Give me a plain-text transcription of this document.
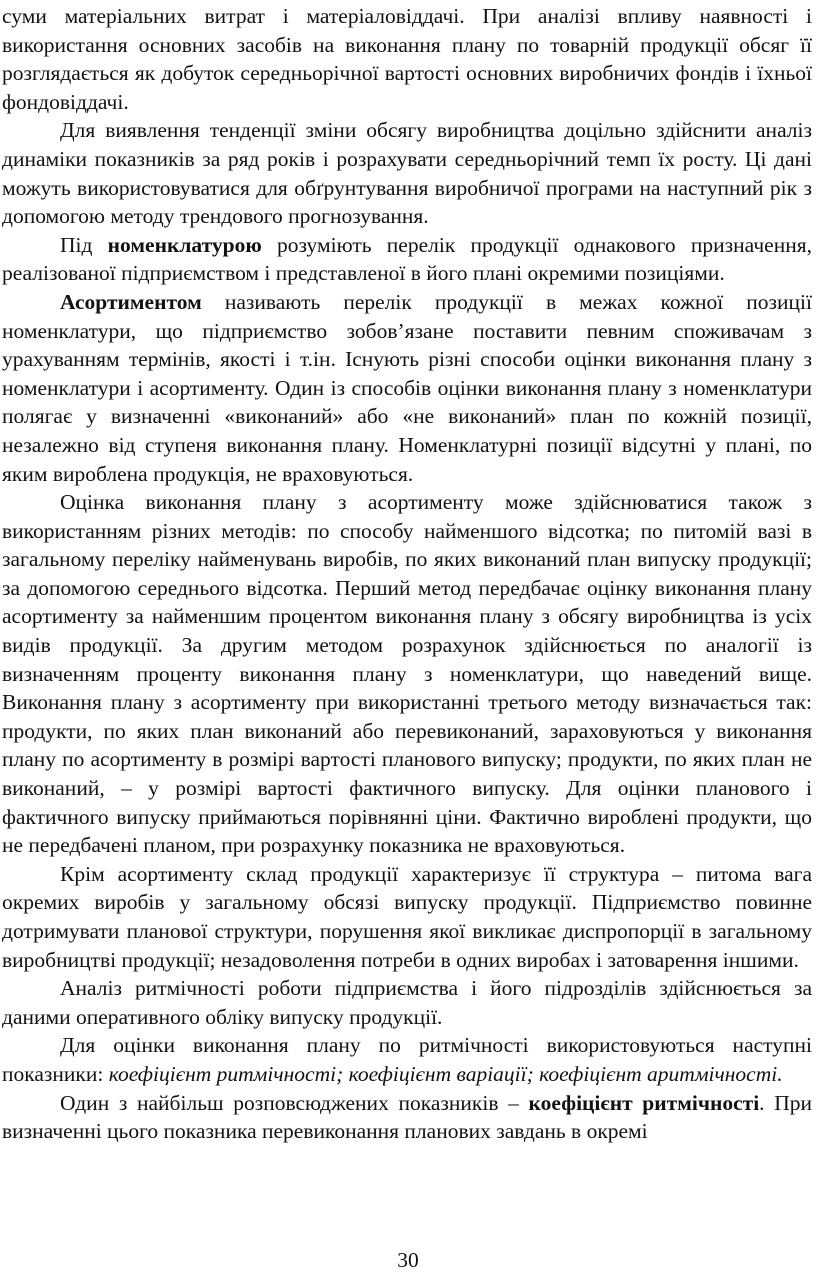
суми матеріальних витрат і матеріаловіддачі. При аналізі впливу наявності і використання основних засобів на виконання плану по товарній продукції обсяг її розглядається як добуток середньорічної вартості основних виробничих фондів і їхньої фондовіддачі.

Для виявлення тенденції зміни обсягу виробництва доцільно здійснити аналіз динаміки показників за ряд років і розрахувати середньорічний темп їх росту. Ці дані можуть використовуватися для обґрунтування виробничої програми на наступний рік з допомогою методу трендового прогнозування.

Під номенклатурою розуміють перелік продукції однакового призначення, реалізованої підприємством і представленої в його плані окремими позиціями.

Асортиментом називають перелік продукції в межах кожної позиції номенклатури, що підприємство зобов’язане поставити певним споживачам з урахуванням термінів, якості і т.ін. Існують різні способи оцінки виконання плану з номенклатури і асортименту. Один із способів оцінки виконання плану з номенклатури полягає у визначенні «виконаний» або «не виконаний» план по кожній позиції, незалежно від ступеня виконання плану. Номенклатурні позиції відсутні у плані, по яким вироблена продукція, не враховуються.

Оцінка виконання плану з асортименту може здійснюватися також з використанням різних методів: по способу найменшого відсотка; по питомій вазі в загальному переліку найменувань виробів, по яких виконаний план випуску продукції; за допомогою середнього відсотка. Перший метод передбачає оцінку виконання плану асортименту за найменшим процентом виконання плану з обсягу виробництва із усіх видів продукції. За другим методом розрахунок здійснюється по аналогії із визначенням проценту виконання плану з номенклатури, що наведений вище. Виконання плану з асортименту при використанні третього методу визначається так: продукти, по яких план виконаний або перевиконаний, зараховуються у виконання плану по асортименту в розмірі вартості планового випуску; продукти, по яких план не виконаний, – у розмірі вартості фактичного випуску. Для оцінки планового і фактичного випуску приймаються порівнянні ціни. Фактично вироблені продукти, що не передбачені планом, при розрахунку показника не враховуються.

Крім асортименту склад продукції характеризує її структура – питома вага окремих виробів у загальному обсязі випуску продукції. Підприємство повинне дотримувати планової структури, порушення якої викликає диспропорції в загальному виробництві продукції; незадоволення потреби в одних виробах і затоварення іншими.

Аналіз ритмічності роботи підприємства і його підрозділів здійснюється за даними оперативного обліку випуску продукції.

Для оцінки виконання плану по ритмічності використовуються наступні показники: коефіцієнт ритмічності; коефіцієнт варіації; коефіцієнт аритмічності.

Один з найбільш розповсюджених показників – коефіцієнт ритмічності. При визначенні цього показника перевиконання планових завдань в окремі

30
